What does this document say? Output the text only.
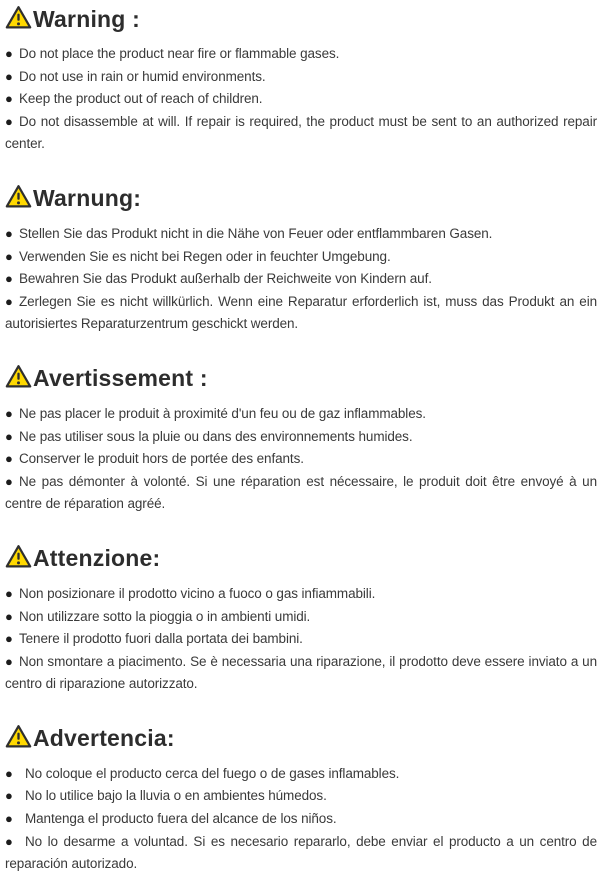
Warning :
● Do not place the product near fire or flammable gases.
● Do not use in rain or humid environments.
● Keep the product out of reach of children.
● Do not disassemble at will. If repair is required, the product must be sent to an authorized repair center.
Warnung:
● Stellen Sie das Produkt nicht in die Nähe von Feuer oder entflammbaren Gasen.
● Verwenden Sie es nicht bei Regen oder in feuchter Umgebung.
● Bewahren Sie das Produkt außerhalb der Reichweite von Kindern auf.
● Zerlegen Sie es nicht willkürlich. Wenn eine Reparatur erforderlich ist, muss das Produkt an ein autorisiertes Reparaturzentrum geschickt werden.
Avertissement :
● Ne pas placer le produit à proximité d'un feu ou de gaz inflammables.
● Ne pas utiliser sous la pluie ou dans des environnements humides.
● Conserver le produit hors de portée des enfants.
● Ne pas démonter à volonté. Si une réparation est nécessaire, le produit doit être envoyé à un centre de réparation agréé.
Attenzione:
● Non posizionare il prodotto vicino a fuoco o gas infiammabili.
● Non utilizzare sotto la pioggia o in ambienti umidi.
● Tenere il prodotto fuori dalla portata dei bambini.
● Non smontare a piacimento. Se è necessaria una riparazione, il prodotto deve essere inviato a un centro di riparazione autorizzato.
Advertencia:
● No coloque el producto cerca del fuego o de gases inflamables.
● No lo utilice bajo la lluvia o en ambientes húmedos.
● Mantenga el producto fuera del alcance de los niños.
● No lo desarme a voluntad. Si es necesario repararlo, debe enviar el producto a un centro de reparación autorizado.
